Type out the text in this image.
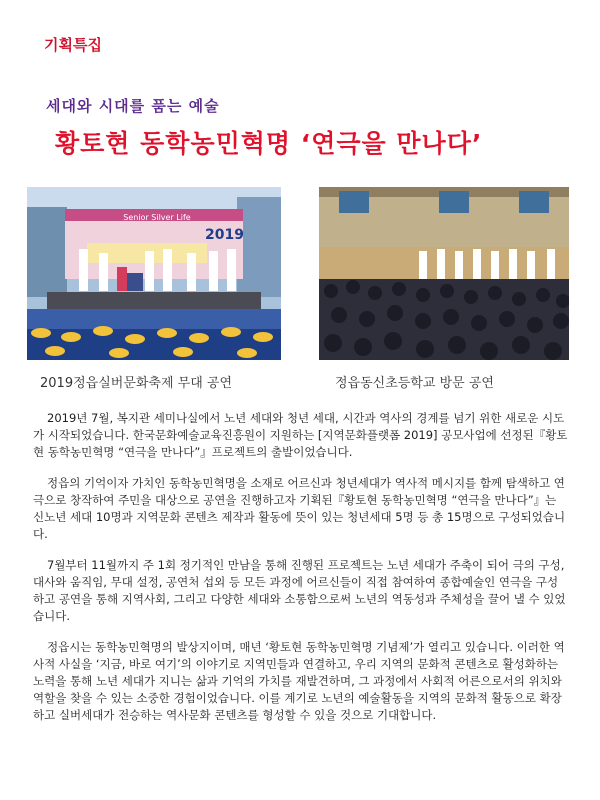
기획특집
세대와 시대를 품는 예술
황토현 동학농민혁명 ‘연극을 만나다’
Senior Silver Life
2019
2019정읍실버문화축제 무대 공연	정읍동신초등학교 방문 공연

2019년 7월, 복지관 세미나실에서 노년 세대와 청년 세대, 시간과 역사의 경계를 넘기 위한 새로운 시도가 시작되었습니다. 한국문화예술교육진흥원이 지원하는 [지역문화플랫폼 2019] 공모사업에 선정된『황토현 동학농민혁명 “연극을 만나다”』프로젝트의 출발이었습니다.

정읍의 기억이자 가치인 동학농민혁명을 소재로 어르신과 청년세대가 역사적 메시지를 함께 탐색하고 연극으로 창작하여 주민을 대상으로 공연을 진행하고자 기획된『황토현 동학농민혁명 “연극을 만나다”』는 신노년 세대 10명과 지역문화 콘텐츠 제작과 활동에 뜻이 있는 청년세대 5명 등 총 15명으로 구성되었습니다.

7월부터 11월까지 주 1회 정기적인 만남을 통해 진행된 프로젝트는 노년 세대가 주축이 되어 극의 구성, 대사와 움직임, 무대 설정, 공연처 섭외 등 모든 과정에 어르신들이 직접 참여하여 종합예술인 연극을 구성하고 공연을 통해 지역사회, 그리고 다양한 세대와 소통함으로써 노년의 역동성과 주체성을 끌어 낼 수 있었습니다.

정읍시는 동학농민혁명의 발상지이며, 매년 ‘황토현 동학농민혁명 기념제’가 열리고 있습니다. 이러한 역사적 사실을 ‘지금, 바로 여기’의 이야기로 지역민들과 연결하고, 우리 지역의 문화적 콘텐츠로 활성화하는 노력을 통해 노년 세대가 지니는 삶과 기억의 가치를 재발견하며, 그 과정에서 사회적 어른으로서의 위치와 역할을 찾을 수 있는 소중한 경험이었습니다. 이를 계기로 노년의 예술활동을 지역의 문화적 활동으로 확장하고 실버세대가 전승하는 역사문화 콘텐츠를 형성할 수 있을 것으로 기대합니다.
